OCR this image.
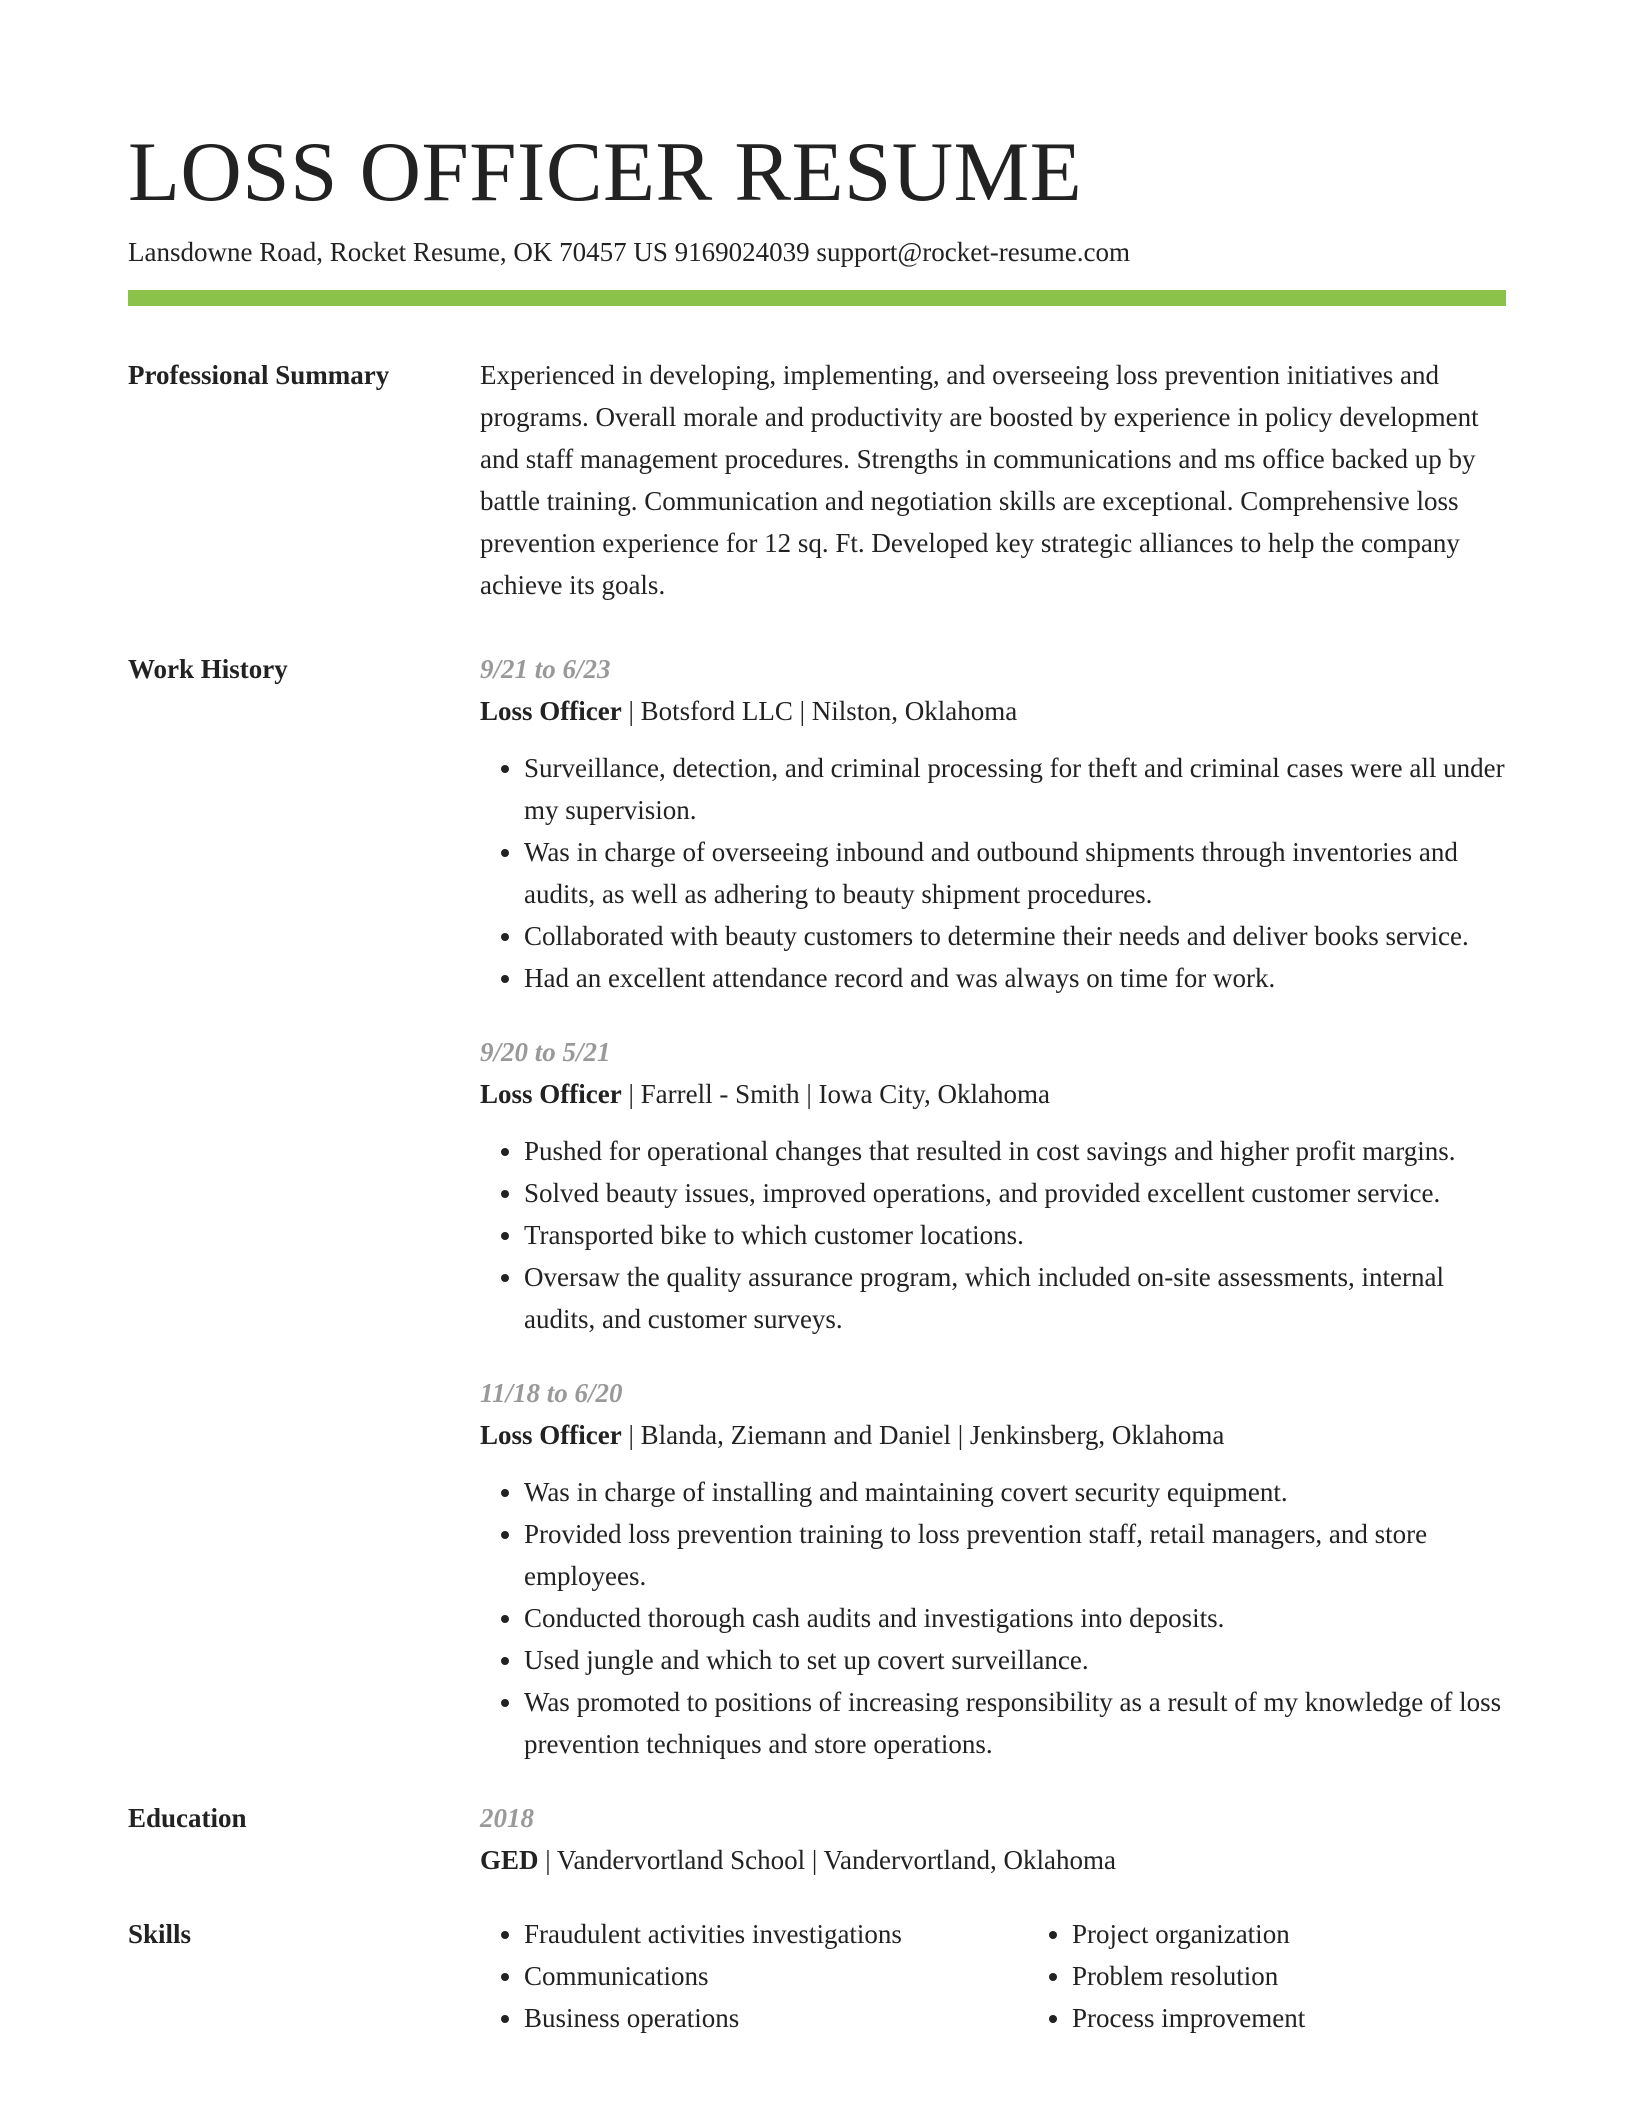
LOSS OFFICER RESUME
Lansdowne Road, Rocket Resume, OK 70457 US 9169024039 support@rocket-resume.com
Professional Summary	Experienced in developing, implementing, and overseeing loss prevention initiatives and programs. Overall morale and productivity are boosted by experience in policy development and staff management procedures. Strengths in communications and ms office backed up by battle training. Communication and negotiation skills are exceptional. Comprehensive loss prevention experience for 12 sq. Ft. Developed key strategic alliances to help the company achieve its goals.

Work History	9/21 to 6/23
Loss Officer | Botsford LLC | Nilston, Oklahoma
• Surveillance, detection, and criminal processing for theft and criminal cases were all under my supervision.
• Was in charge of overseeing inbound and outbound shipments through inventories and audits, as well as adhering to beauty shipment procedures.
• Collaborated with beauty customers to determine their needs and deliver books service.
• Had an excellent attendance record and was always on time for work.
9/20 to 5/21
Loss Officer | Farrell - Smith | Iowa City, Oklahoma
• Pushed for operational changes that resulted in cost savings and higher profit margins.
• Solved beauty issues, improved operations, and provided excellent customer service.
• Transported bike to which customer locations.
• Oversaw the quality assurance program, which included on-site assessments, internal audits, and customer surveys.
11/18 to 6/20
Loss Officer | Blanda, Ziemann and Daniel | Jenkinsberg, Oklahoma
• Was in charge of installing and maintaining covert security equipment.
• Provided loss prevention training to loss prevention staff, retail managers, and store employees.
• Conducted thorough cash audits and investigations into deposits.
• Used jungle and which to set up covert surveillance.
• Was promoted to positions of increasing responsibility as a result of my knowledge of loss prevention techniques and store operations.
Education	2018
GED | Vandervortland School | Vandervortland, Oklahoma
Skills
•	Fraudulent activities investigations
• Communications
• Business operations
• Project organization
• Problem resolution
• Process improvement
